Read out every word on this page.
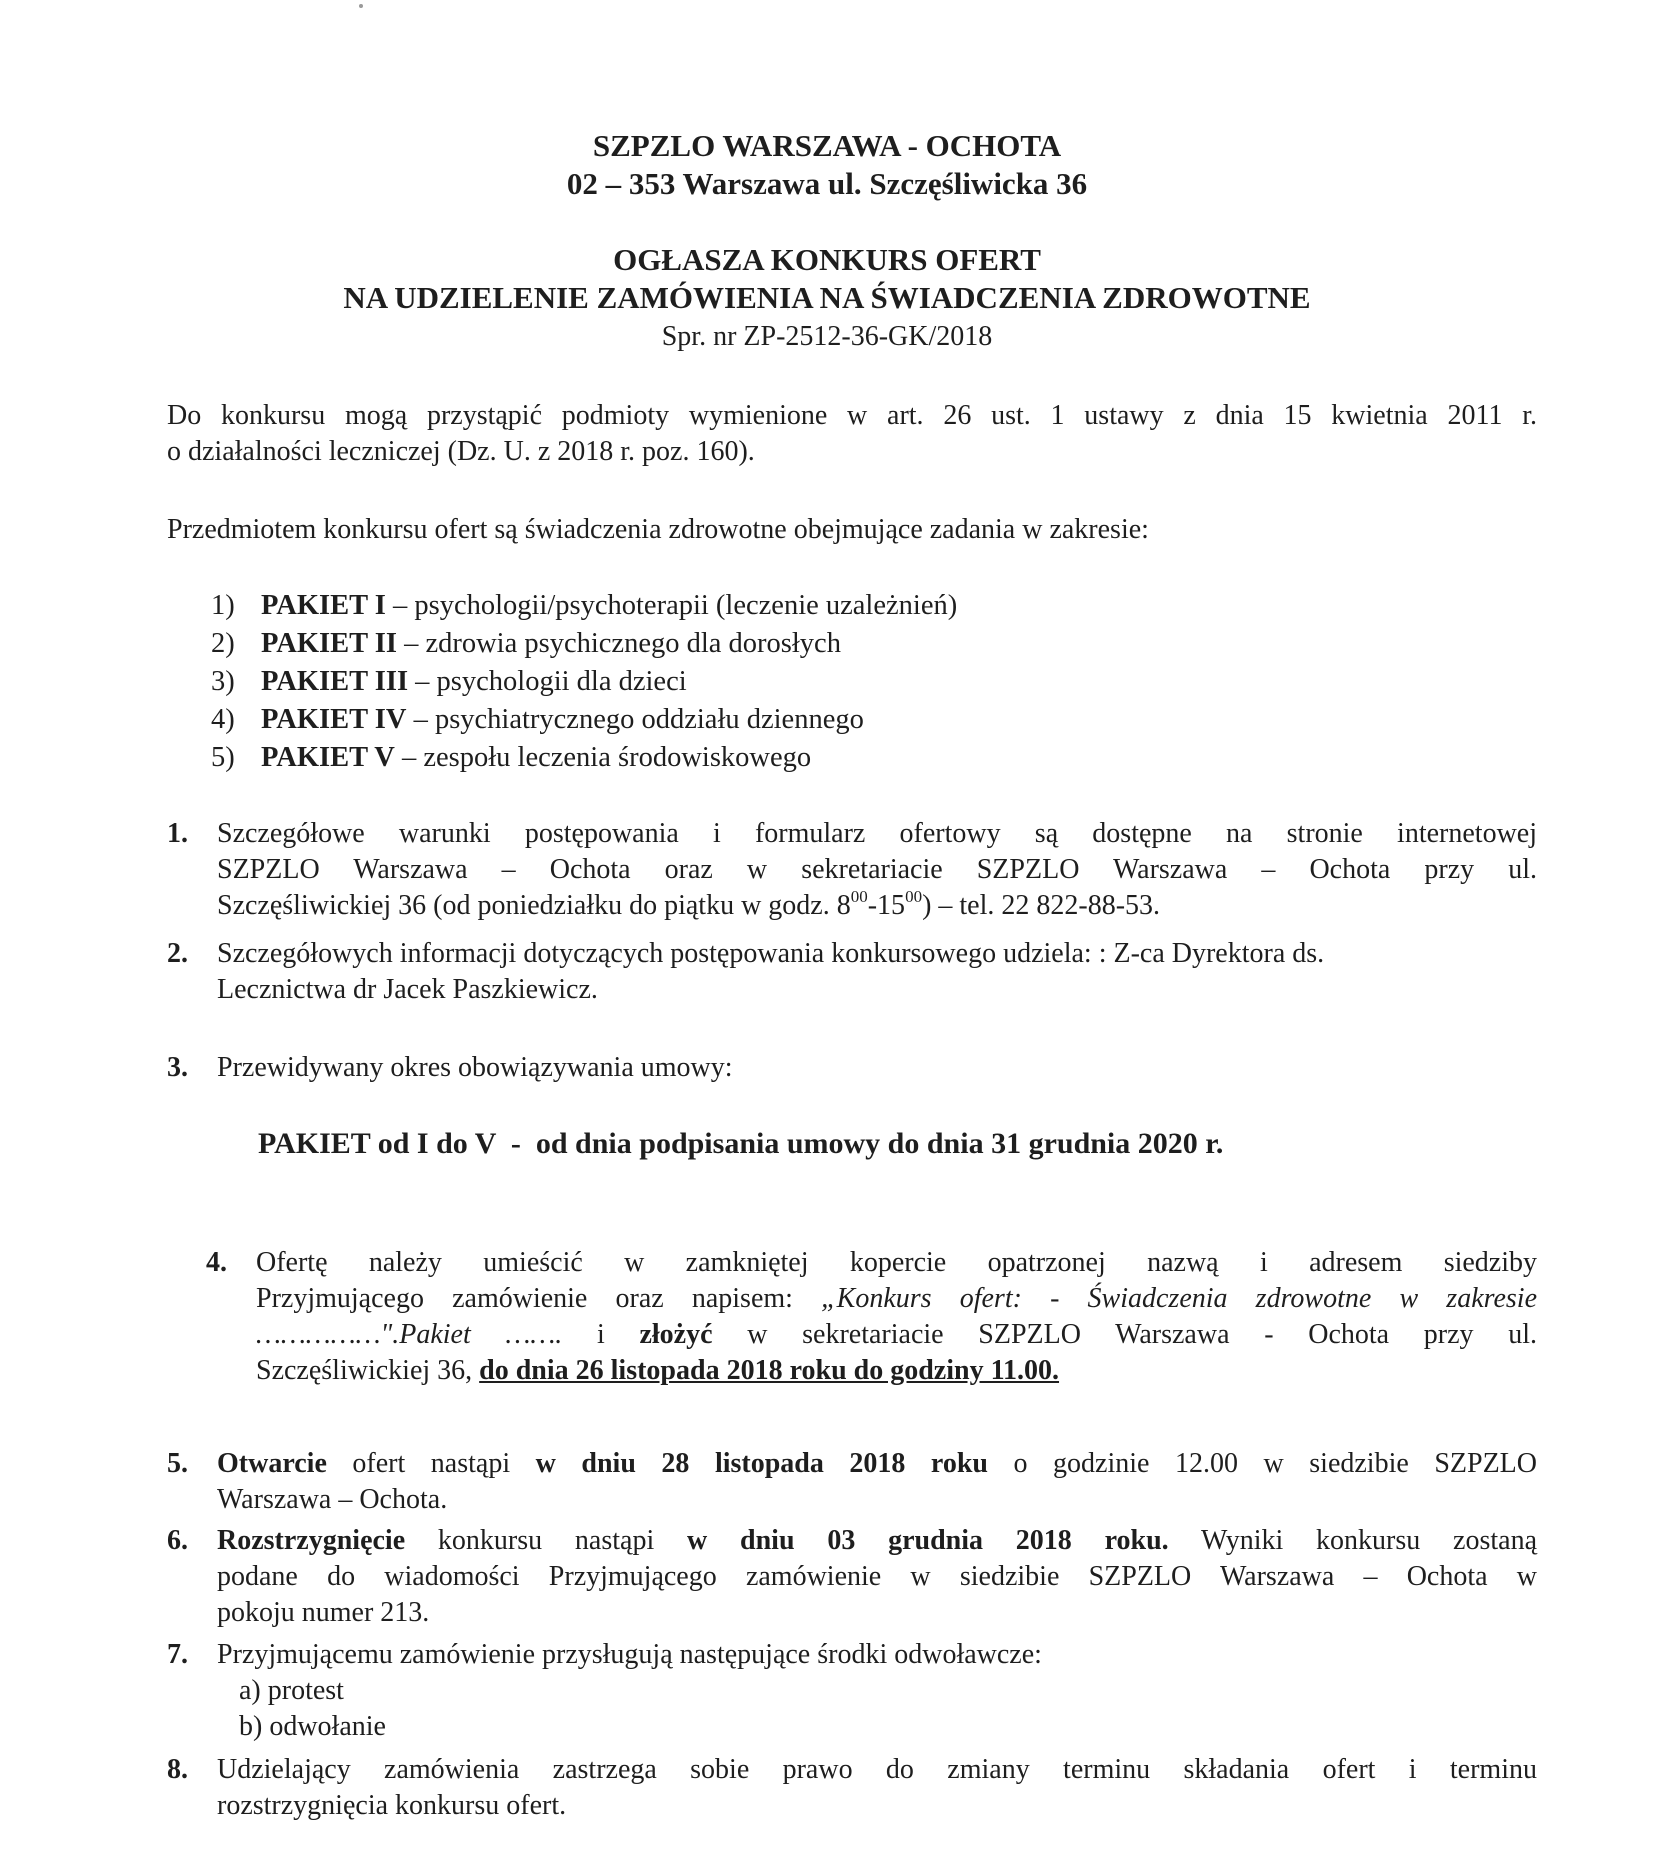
SZPZLO WARSZAWA - OCHOTA
02 – 353 Warszawa ul. Szczęśliwicka 36
OGŁASZA KONKURS OFERT
NA UDZIELENIE ZAMÓWIENIA NA ŚWIADCZENIA ZDROWOTNE
Spr. nr ZP-2512-36-GK/2018
Do konkursu mogą przystąpić podmioty wymienione w art. 26 ust. 1 ustawy z dnia 15 kwietnia 2011 r.
o działalności leczniczej (Dz. U. z 2018 r. poz. 160).
Przedmiotem konkursu ofert są świadczenia zdrowotne obejmujące zadania w zakresie:
1) PAKIET I – psychologii/psychoterapii (leczenie uzależnień)
2) PAKIET II – zdrowia psychicznego dla dorosłych
3) PAKIET III – psychologii dla dzieci
4) PAKIET IV – psychiatrycznego oddziału dziennego
5) PAKIET V – zespołu leczenia środowiskowego
1. Szczegółowe warunki postępowania i formularz ofertowy są dostępne na stronie internetowej
SZPZLO Warszawa – Ochota oraz w sekretariacie SZPZLO Warszawa – Ochota przy ul.
Szczęśliwickiej 36 (od poniedziałku do piątku w godz. $8^{00}-15^{00}$) – tel. 22 822-88-53.
2. Szczegółowych informacji dotyczących postępowania konkursowego udziela: : Z-ca Dyrektora ds.
Lecznictwa dr Jacek Paszkiewicz.
3. Przewidywany okres obowiązywania umowy:
PAKIET od I do V  -  od dnia podpisania umowy do dnia 31 grudnia 2020 r.
4. Ofertę należy umieścić w zamkniętej kopercie opatrzonej nazwą i adresem siedziby
Przyjmującego zamówienie oraz napisem: „Konkurs ofert: - Świadczenia zdrowotne w zakresie
……………".Pakiet ……. i złożyć w sekretariacie SZPZLO Warszawa - Ochota przy ul.
Szczęśliwickiej 36, do dnia 26 listopada 2018 roku do godziny 11.00.
5. Otwarcie ofert nastąpi w dniu 28 listopada 2018 roku o godzinie 12.00 w siedzibie SZPZLO
Warszawa – Ochota.
6. Rozstrzygnięcie konkursu nastąpi w dniu 03 grudnia 2018 roku. Wyniki konkursu zostaną
podane do wiadomości Przyjmującego zamówienie w siedzibie SZPZLO Warszawa – Ochota w
pokoju numer 213.
7. Przyjmującemu zamówienie przysługują następujące środki odwoławcze:
a) protest
b) odwołanie
8. Udzielający zamówienia zastrzega sobie prawo do zmiany terminu składania ofert i terminu
rozstrzygnięcia konkursu ofert.
